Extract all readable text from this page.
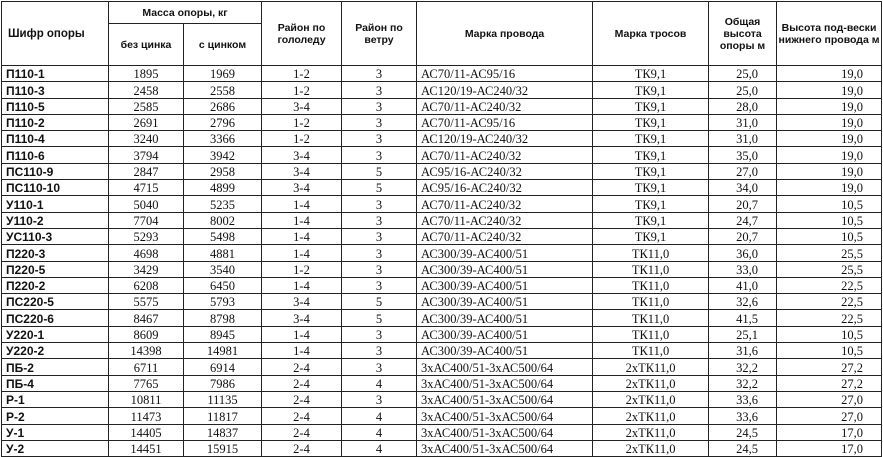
Шифр опоры	Масса опоры, кг		Район по гололеду	Район по ветру	Марка провода	Марка тросов	Общая высота опоры м	Высота под-вески нижнего провода м
	без цинка	с цинком						
П110-1	1895	1969	1-2	3	АС70/11-АС95/16	ТК9,1	25,0	19,0
П110-3	2458	2558	1-2	3	АС120/19-АС240/32	ТК9,1	25,0	19,0
П110-5	2585	2686	3-4	3	АС70/11-АС240/32	ТК9,1	28,0	19,0
П110-2	2691	2796	1-2	3	АС70/11-АС95/16	ТК9,1	31,0	19,0
П110-4	3240	3366	1-2	3	АС120/19-АС240/32	ТК9,1	31,0	19,0
П110-6	3794	3942	3-4	3	АС70/11-АС240/32	ТК9,1	35,0	19,0
ПС110-9	2847	2958	3-4	5	АС95/16-АС240/32	ТК9,1	27,0	19,0
ПС110-10	4715	4899	3-4	5	АС95/16-АС240/32	ТК9,1	34,0	19,0
У110-1	5040	5235	1-4	3	АС70/11-АС240/32	ТК9,1	20,7	10,5
У110-2	7704	8002	1-4	3	АС70/11-АС240/32	ТК9,1	24,7	10,5
УС110-3	5293	5498	1-4	3	АС70/11-АС240/32	ТК9,1	20,7	10,5
П220-3	4698	4881	1-4	3	АС300/39-АС400/51	ТК11,0	36,0	25,5
П220-5	3429	3540	1-2	3	АС300/39-АС400/51	ТК11,0	33,0	25,5
П220-2	6208	6450	1-4	3	АС300/39-АС400/51	ТК11,0	41,0	22,5
ПС220-5	5575	5793	3-4	5	АС300/39-АС400/51	ТК11,0	32,6	22,5
ПС220-6	8467	8798	3-4	5	АС300/39-АС400/51	ТК11,0	41,5	22,5
У220-1	8609	8945	1-4	3	АС300/39-АС400/51	ТК11,0	25,1	10,5
У220-2	14398	14981	1-4	3	АС300/39-АС400/51	ТК11,0	31,6	10,5
ПБ-2	6711	6914	2-4	3	3хАС400/51-3хАС500/64	2хТК11,0	32,2	27,2
ПБ-4	7765	7986	2-4	4	3хАС400/51-3хАС500/64	2хТК11,0	32,2	27,2
Р-1	10811	11135	2-4	3	3хАС400/51-3хАС500/64	2хТК11,0	33,6	27,0
Р-2	11473	11817	2-4	4	3хАС400/51-3хАС500/64	2хТК11,0	33,6	27,0
У-1	14405	14837	2-4	4	3хАС400/51-3хАС500/64	2хТК11,0	24,5	17,0
У-2	14451	15915	2-4	4	3хАС400/51-3хАС500/64	2хТК11,0	24,5	17,0
